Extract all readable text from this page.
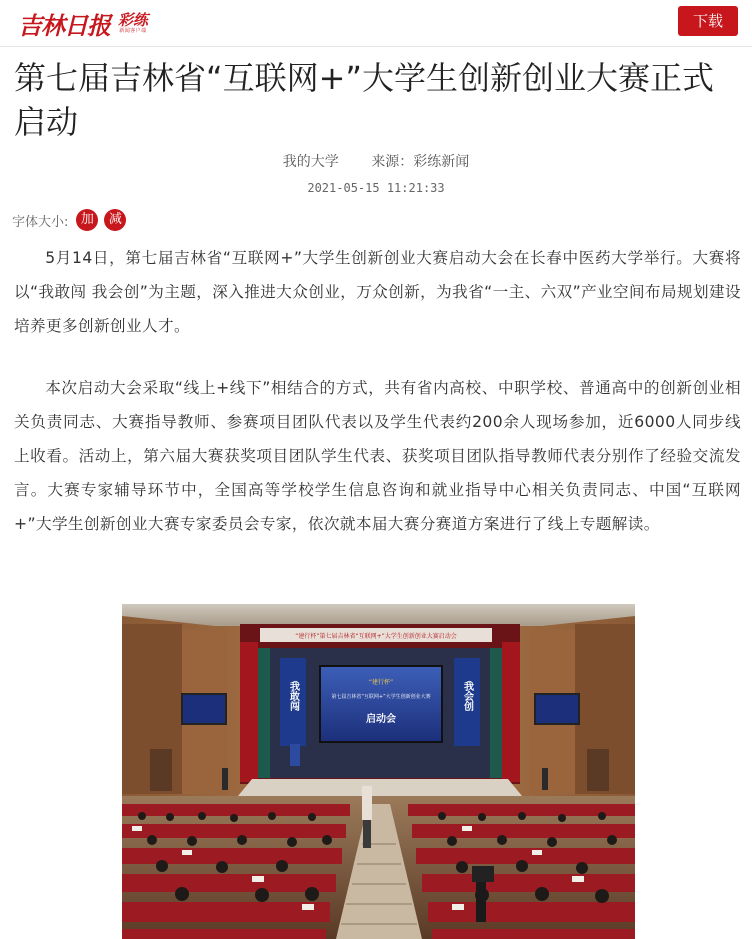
吉林日报 彩练
新闻客户端
下载
第七届吉林省“互联网+”大学生创新创业大赛正式启动
我的大学 来源：彩练新闻
2021-05-15 11:21:33
字体大小: 加	减

5月14日，第七届吉林省“互联网+”大学生创新创业大赛启动大会在长春中医药大学举行。大赛将以“我敢闯 我会创”为主题，深入推进大众创业，万众创新，为我省“一主、六双”产业空间布局规划建设培养更多创新创业人才。

本次启动大会采取“线上+线下”相结合的方式，共有省内高校、中职学校、普通高中的创新创业相关负责同志、大赛指导教师、参赛项目团队代表以及学生代表约200余人现场参加，近6000人同步线上收看。活动上，第六届大赛获奖项目团队学生代表、获奖项目团队指导教师代表分别作了经验交流发言。大赛专家辅导环节中，全国高等学校学生信息咨询和就业指导中心相关负责同志、中国“互联网+”大学生创新创业大赛专家委员会专家，依次就本届大赛分赛道方案进行了线上专题解读。

“建行杯”第七届吉林省“互联网+”大学生创新创业大赛启动会
我敢闯	我会创
“建行杯”
第七届吉林省“互联网+”大学生创新创业大赛
启动会
